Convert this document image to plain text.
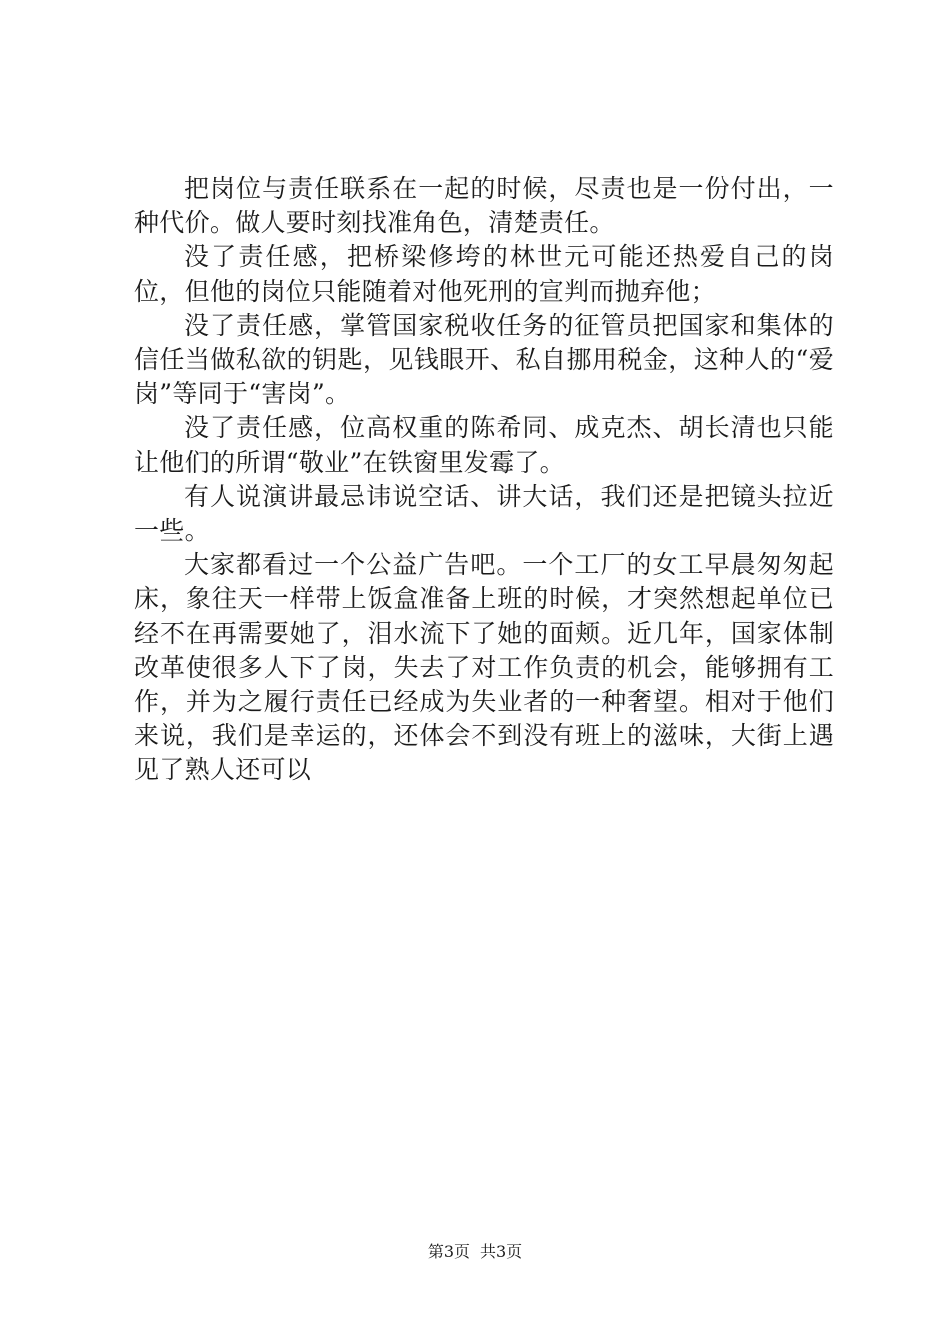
把岗位与责任联系在一起的时候，尽责也是一份付出，一种代价。做人要时刻找准角色，清楚责任。

没了责任感，把桥梁修垮的林世元可能还热爱自己的岗位，但他的岗位只能随着对他死刑的宣判而抛弃他；

没了责任感，掌管国家税收任务的征管员把国家和集体的信任当做私欲的钥匙，见钱眼开、私自挪用税金，这种人的“爱岗”等同于“害岗”。

没了责任感，位高权重的陈希同、成克杰、胡长清也只能让他们的所谓“敬业”在铁窗里发霉了。

有人说演讲最忌讳说空话、讲大话，我们还是把镜头拉近一些。

大家都看过一个公益广告吧。一个工厂的女工早晨匆匆起床，象往天一样带上饭盒准备上班的时候，才突然想起单位已经不在再需要她了，泪水流下了她的面颊。近几年，国家体制改革使很多人下了岗，失去了对工作负责的机会，能够拥有工作，并为之履行责任已经成为失业者的一种奢望。相对于他们来说，我们是幸运的，还体会不到没有班上的滋味，大街上遇见了熟人还可以

第3页 共3页
